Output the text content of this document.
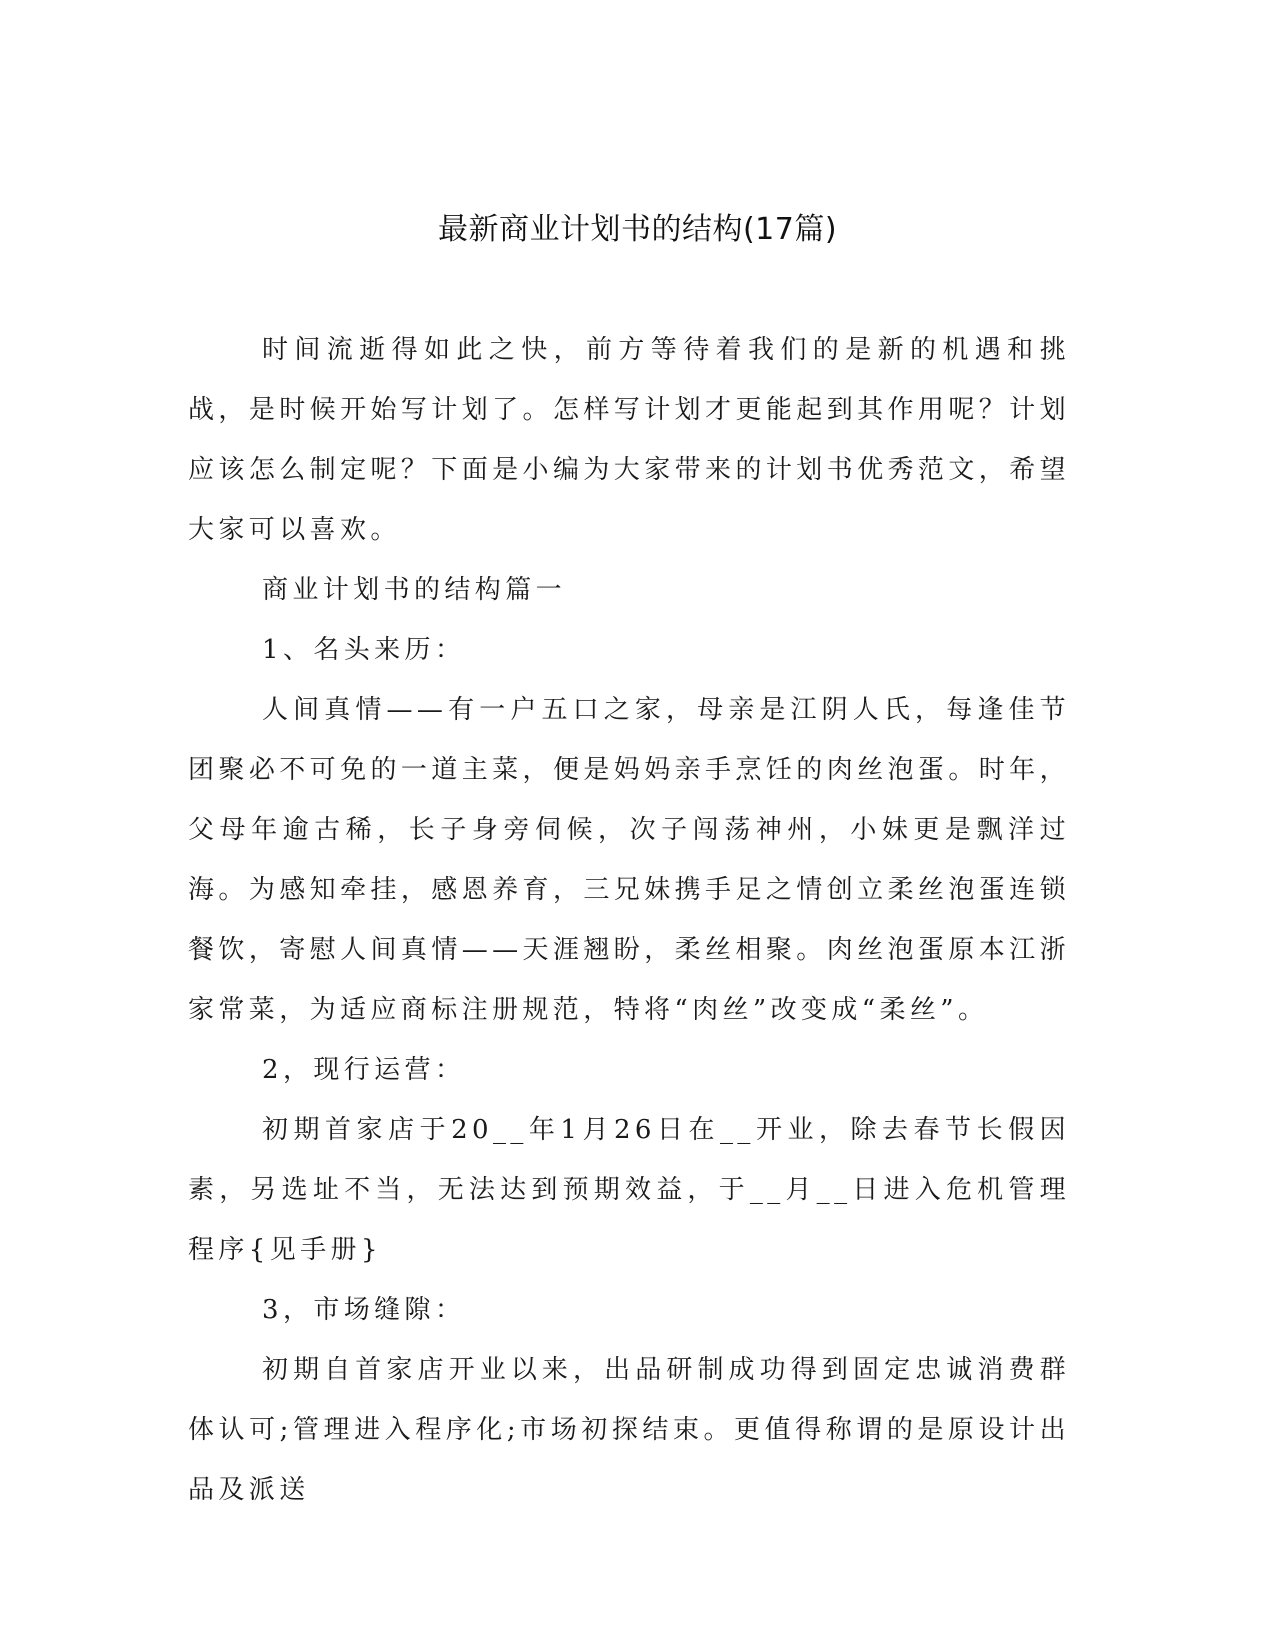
最新商业计划书的结构(17篇)

时间流逝得如此之快，前方等待着我们的是新的机遇和挑战，是时候开始写计划了。怎样写计划才更能起到其作用呢？计划应该怎么制定呢？下面是小编为大家带来的计划书优秀范文，希望大家可以喜欢。

商业计划书的结构篇一

1、名头来历：

人间真情——有一户五口之家，母亲是江阴人氏，每逢佳节团聚必不可免的一道主菜，便是妈妈亲手烹饪的肉丝泡蛋。时年，父母年逾古稀，长子身旁伺候，次子闯荡神州，小妹更是飘洋过海。为感知牵挂，感恩养育，三兄妹携手足之情创立柔丝泡蛋连锁餐饮，寄慰人间真情——天涯翘盼，柔丝相聚。肉丝泡蛋原本江浙家常菜，为适应商标注册规范，特将“肉丝”改变成“柔丝”。

2，现行运营：

初期首家店于20__年1月26日在__开业，除去春节长假因素，另选址不当，无法达到预期效益，于__月__日进入危机管理程序{见手册}

3，市场缝隙：

初期自首家店开业以来，出品研制成功得到固定忠诚消费群体认可;管理进入程序化;市场初探结束。更值得称谓的是原设计出品及派送
